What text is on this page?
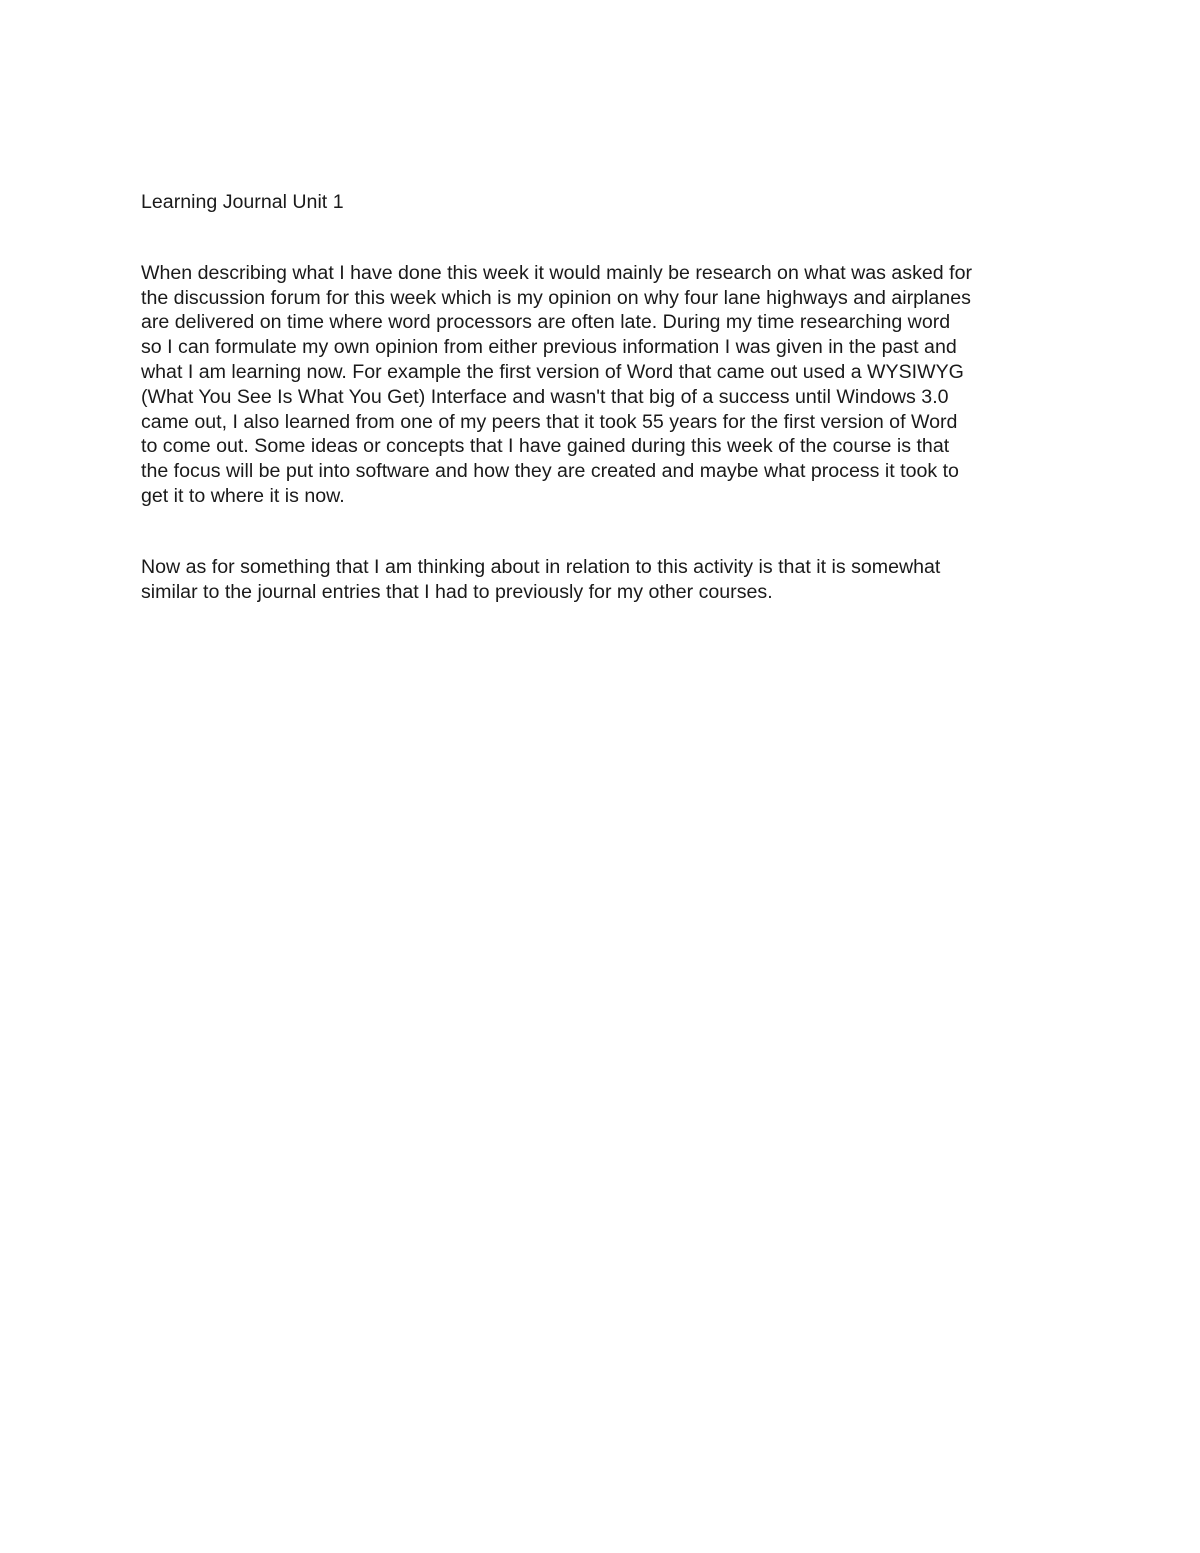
Learning Journal Unit 1

When describing what I have done this week it would mainly be research on what was asked for
the discussion forum for this week which is my opinion on why four lane highways and airplanes
are delivered on time where word processors are often late. During my time researching word
so I can formulate my own opinion from either previous information I was given in the past and
what I am learning now. For example the first version of Word that came out used a WYSIWYG
(What You See Is What You Get) Interface and wasn't that big of a success until Windows 3.0
came out, I also learned from one of my peers that it took 55 years for the first version of Word
to come out. Some ideas or concepts that I have gained during this week of the course is that
the focus will be put into software and how they are created and maybe what process it took to
get it to where it is now.

Now as for something that I am thinking about in relation to this activity is that it is somewhat
similar to the journal entries that I had to previously for my other courses.
